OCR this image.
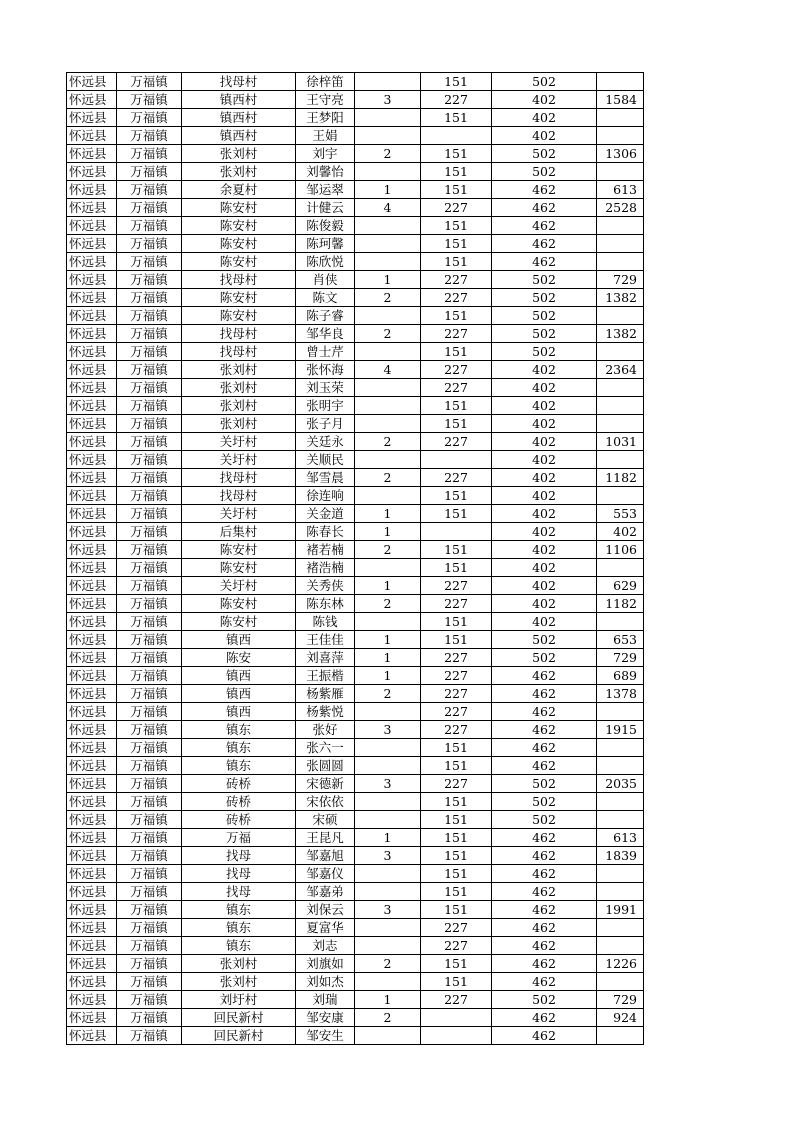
怀远县	万福镇	找母村	徐梓笛		151	502	
怀远县	万福镇	镇西村	王守亮	3	227	402	1584
怀远县	万福镇	镇西村	王梦阳		151	402	
怀远县	万福镇	镇西村	王娟			402	
怀远县	万福镇	张刘村	刘宇	2	151	502	1306
怀远县	万福镇	张刘村	刘馨怡		151	502	
怀远县	万福镇	余夏村	邹运翠	1	151	462	613
怀远县	万福镇	陈安村	计健云	4	227	462	2528
怀远县	万福镇	陈安村	陈俊毅		151	462	
怀远县	万福镇	陈安村	陈珂馨		151	462	
怀远县	万福镇	陈安村	陈欣悦		151	462	
怀远县	万福镇	找母村	肖侠	1	227	502	729
怀远县	万福镇	陈安村	陈文	2	227	502	1382
怀远县	万福镇	陈安村	陈子睿		151	502	
怀远县	万福镇	找母村	邹华良	2	227	502	1382
怀远县	万福镇	找母村	曾士芹		151	502	
怀远县	万福镇	张刘村	张怀海	4	227	402	2364
怀远县	万福镇	张刘村	刘玉荣		227	402	
怀远县	万福镇	张刘村	张明宇		151	402	
怀远县	万福镇	张刘村	张子月		151	402	
怀远县	万福镇	关圩村	关廷永	2	227	402	1031
怀远县	万福镇	关圩村	关顺民			402	
怀远县	万福镇	找母村	邹雪晨	2	227	402	1182
怀远县	万福镇	找母村	徐连响		151	402	
怀远县	万福镇	关圩村	关金道	1	151	402	553
怀远县	万福镇	后集村	陈春长	1		402	402
怀远县	万福镇	陈安村	褚若楠	2	151	402	1106
怀远县	万福镇	陈安村	褚浩楠		151	402	
怀远县	万福镇	关圩村	关秀侠	1	227	402	629
怀远县	万福镇	陈安村	陈东林	2	227	402	1182
怀远县	万福镇	陈安村	陈钱		151	402	
怀远县	万福镇	镇西	王佳佳	1	151	502	653
怀远县	万福镇	陈安	刘喜萍	1	227	502	729
怀远县	万福镇	镇西	王振楷	1	227	462	689
怀远县	万福镇	镇西	杨紫雁	2	227	462	1378
怀远县	万福镇	镇西	杨紫悦		227	462	
怀远县	万福镇	镇东	张好	3	227	462	1915
怀远县	万福镇	镇东	张六一		151	462	
怀远县	万福镇	镇东	张圆圆		151	462	
怀远县	万福镇	砖桥	宋德新	3	227	502	2035
怀远县	万福镇	砖桥	宋依依		151	502	
怀远县	万福镇	砖桥	宋硕		151	502	
怀远县	万福镇	万福	王昆凡	1	151	462	613
怀远县	万福镇	找母	邹嘉旭	3	151	462	1839
怀远县	万福镇	找母	邹嘉仪		151	462	
怀远县	万福镇	找母	邹嘉弟		151	462	
怀远县	万福镇	镇东	刘保云	3	151	462	1991
怀远县	万福镇	镇东	夏富华		227	462	
怀远县	万福镇	镇东	刘志		227	462	
怀远县	万福镇	张刘村	刘旗如	2	151	462	1226
怀远县	万福镇	张刘村	刘如杰		151	462	
怀远县	万福镇	刘圩村	刘瑞	1	227	502	729
怀远县	万福镇	回民新村	邹安康	2		462	924
怀远县	万福镇	回民新村	邹安生			462	
